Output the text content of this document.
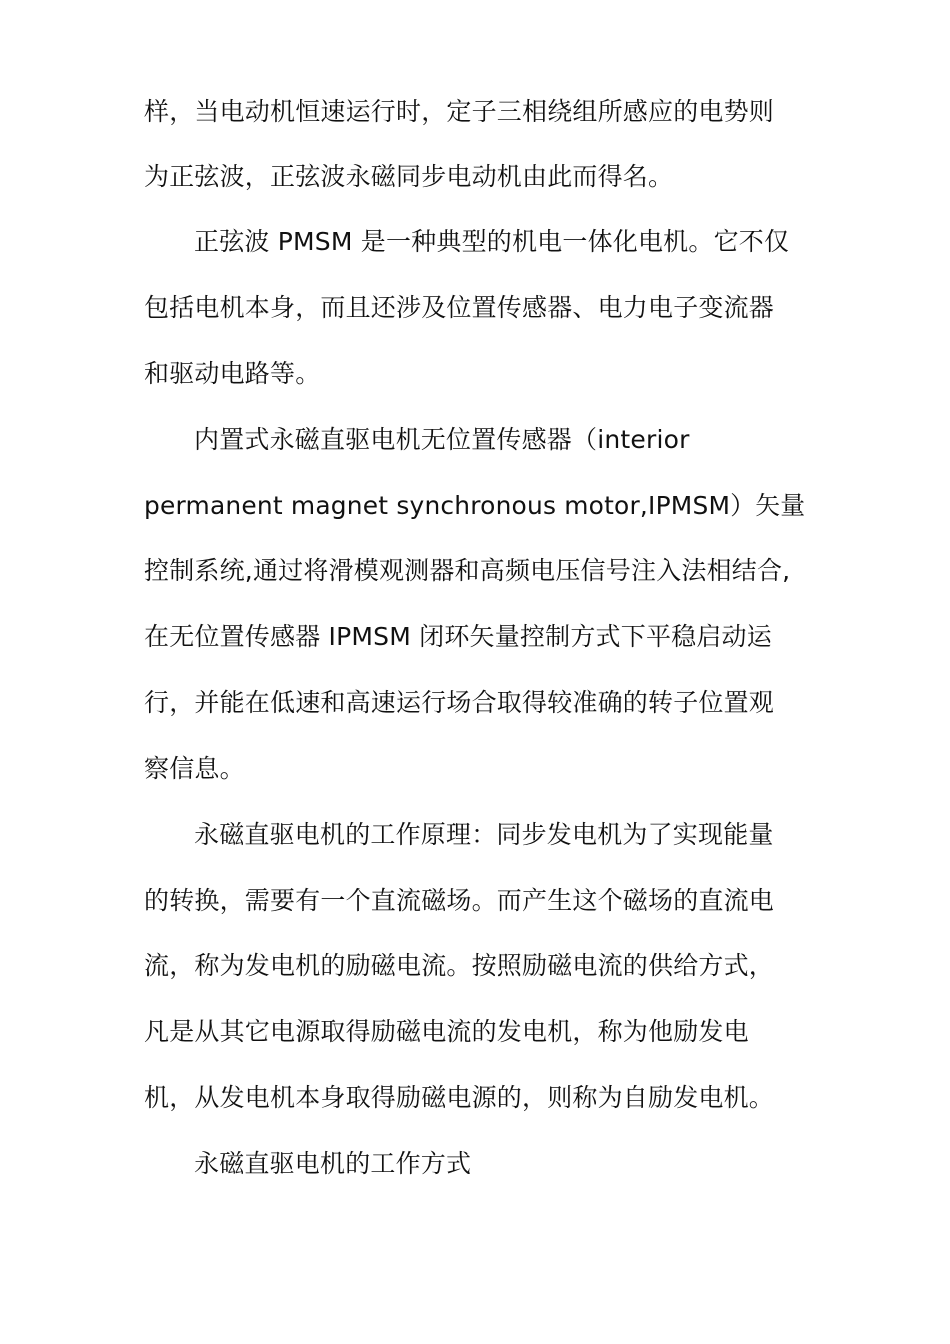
样，当电动机恒速运行时，定子三相绕组所感应的电势则
为正弦波，正弦波永磁同步电动机由此而得名。
正弦波 PMSM 是一种典型的机电一体化电机。它不仅
包括电机本身，而且还涉及位置传感器、电力电子变流器
和驱动电路等。
内置式永磁直驱电机无位置传感器（interior
permanent magnet synchronous motor,IPMSM）矢量
控制系统,通过将滑模观测器和高频电压信号注入法相结合,
在无位置传感器 IPMSM 闭环矢量控制方式下平稳启动运
行，并能在低速和高速运行场合取得较准确的转子位置观
察信息。
永磁直驱电机的工作原理：同步发电机为了实现能量
的转换，需要有一个直流磁场。而产生这个磁场的直流电
流，称为发电机的励磁电流。按照励磁电流的供给方式，
凡是从其它电源取得励磁电流的发电机，称为他励发电
机，从发电机本身取得励磁电源的，则称为自励发电机。
永磁直驱电机的工作方式
